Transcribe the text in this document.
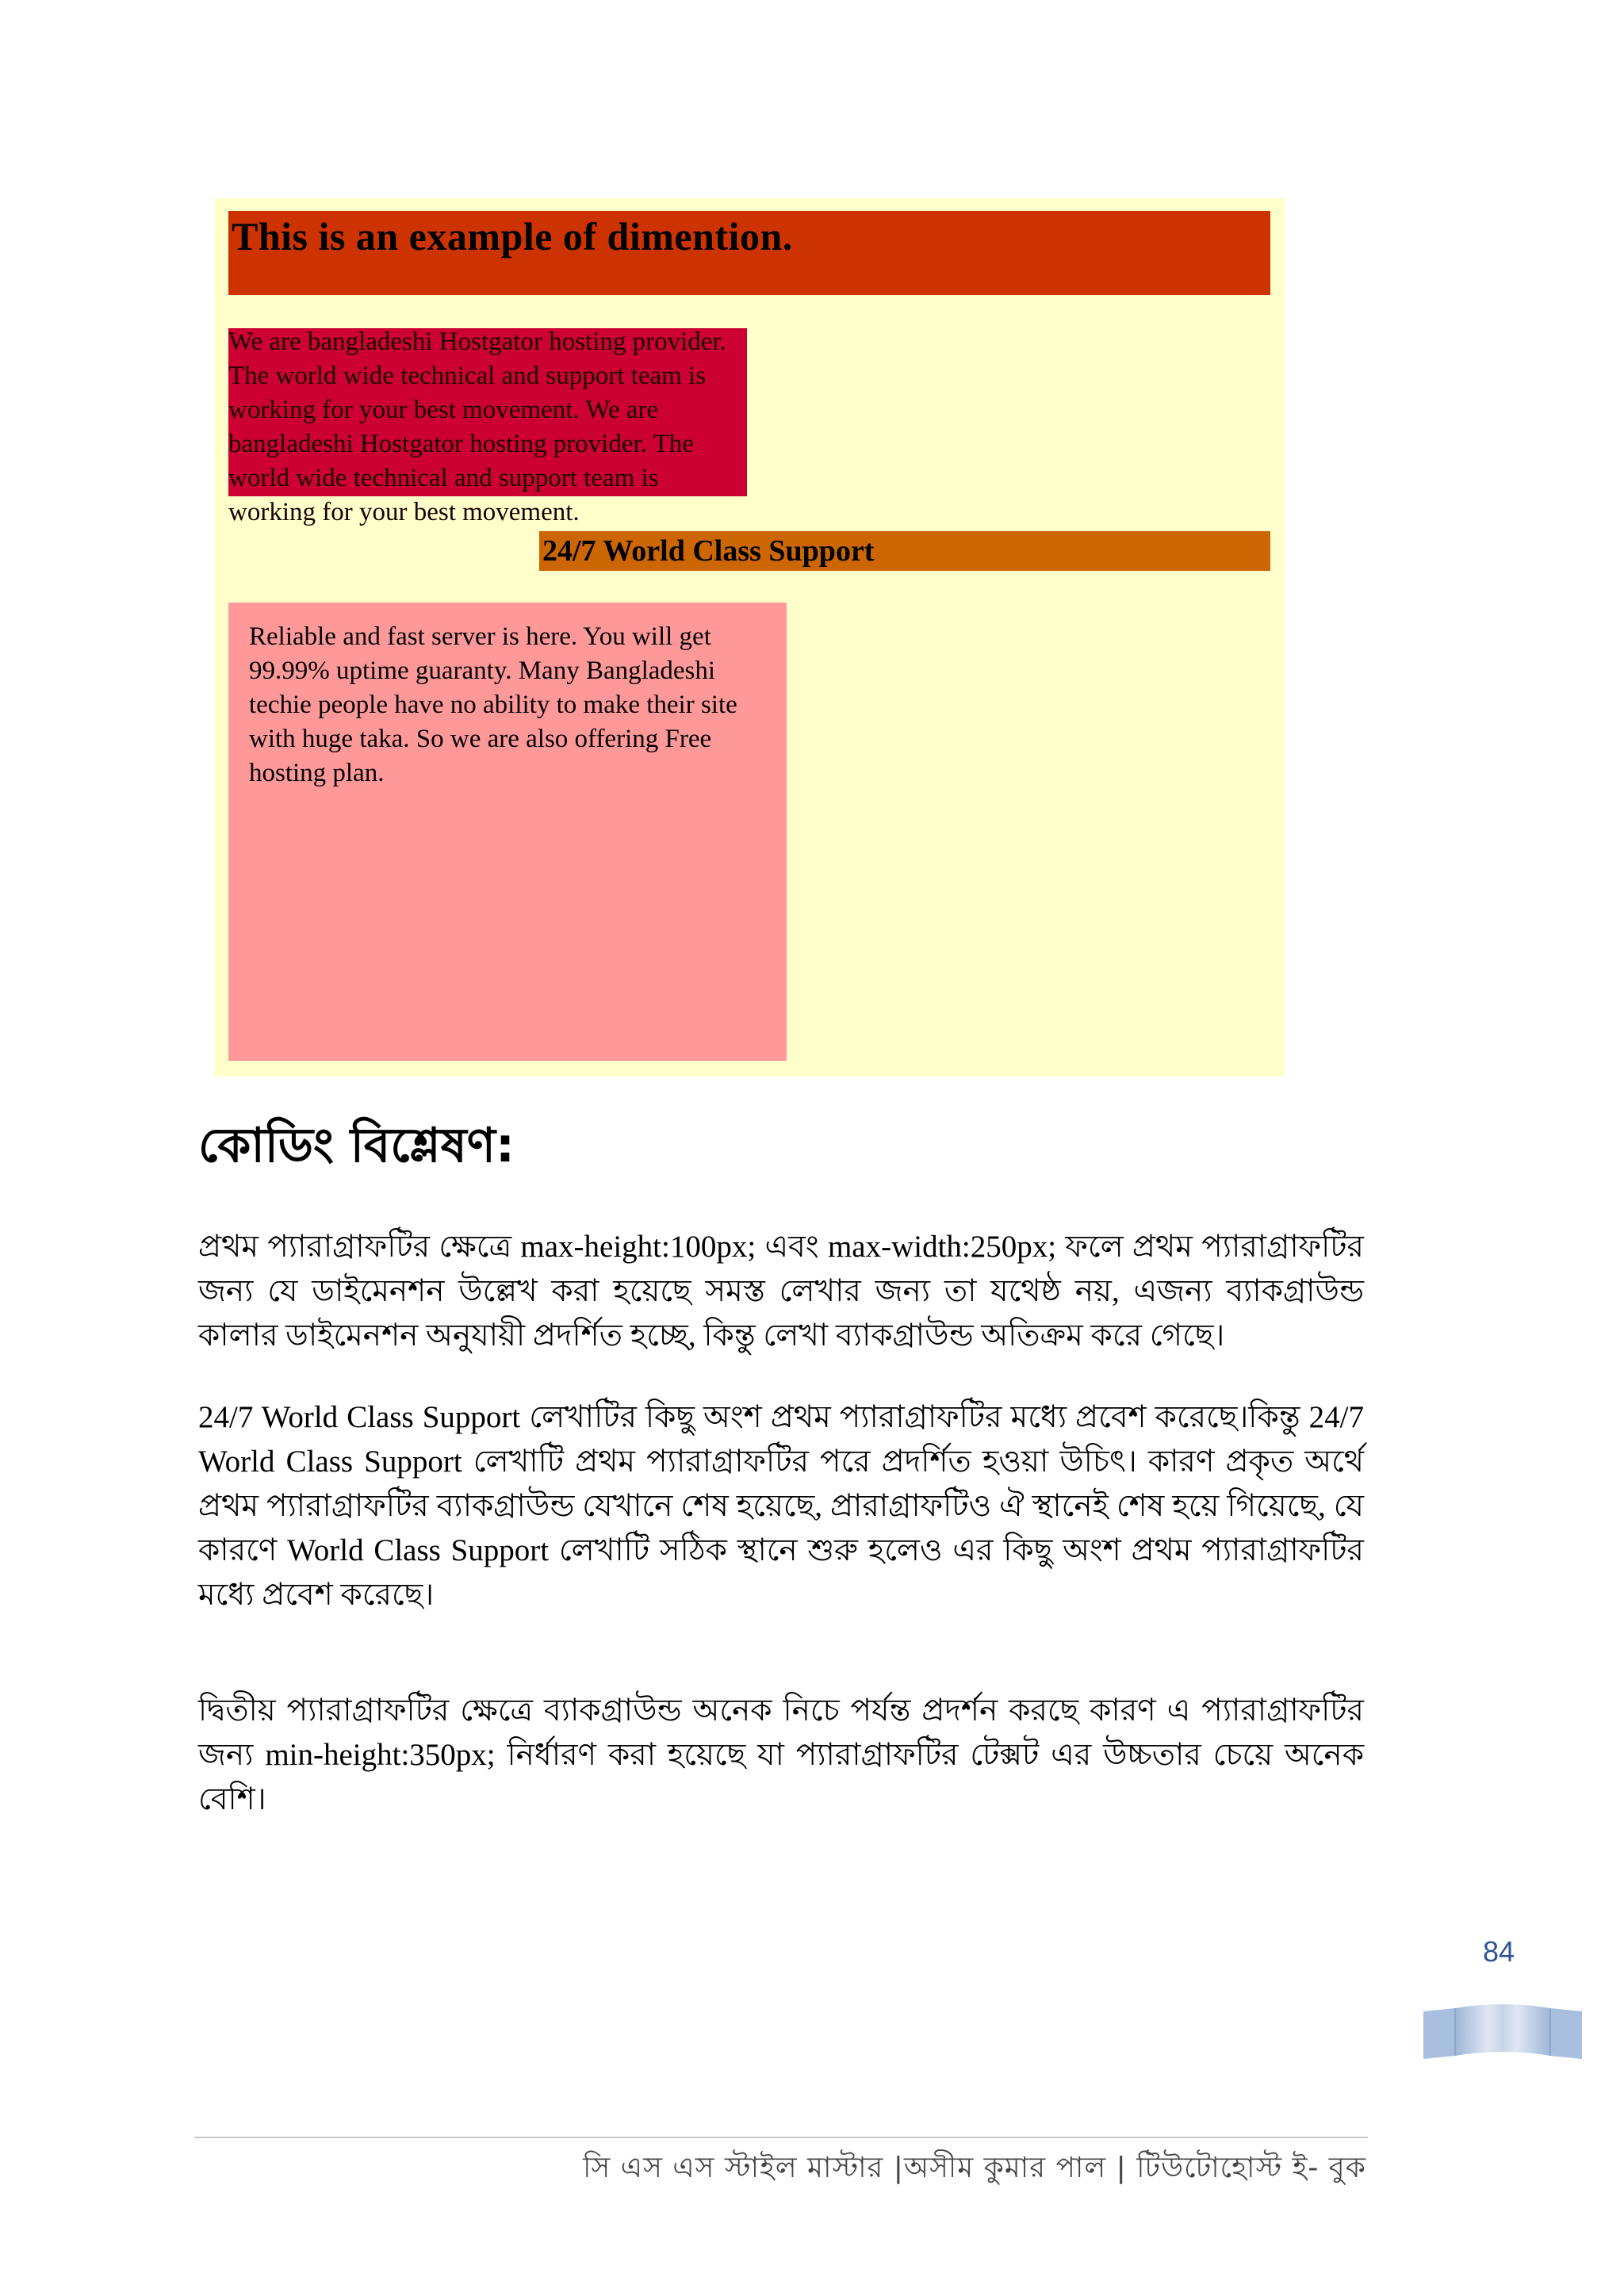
This is an example of dimention.

We are bangladeshi Hostgator hosting provider. The world wide technical and support team is working for your best movement. We are bangladeshi Hostgator hosting provider. The world wide technical and support team is working for your best movement.

24/7 World Class Support

Reliable and fast server is here. You will get 99.99% uptime guaranty. Many Bangladeshi techie people have no ability to make their site with huge taka. So we are also offering Free hosting plan.

কোডিং বিশ্লেষণ:

প্রথম প্যারাগ্রাফটির ক্ষেত্রে max-height:100px; এবং max-width:250px; ফলে প্রথম প্যারাগ্রাফটির জন্য যে ডাইমেনশন উল্লেখ করা হয়েছে সমস্ত লেখার জন্য তা যথেষ্ঠ নয়, এজন্য ব্যাকগ্রাউন্ড কালার ডাইমেনশন অনুযায়ী প্রদর্শিত হচ্ছে, কিন্তু লেখা ব্যাকগ্রাউন্ড অতিক্রম করে গেছে।

24/7 World Class Support লেখাটির কিছু অংশ প্রথম প্যারাগ্রাফটির মধ্যে প্রবেশ করেছে।কিন্তু 24/7 World Class Support লেখাটি প্রথম প্যারাগ্রাফটির পরে প্রদর্শিত হওয়া উচিৎ। কারণ প্রকৃত অর্থে প্রথম প্যারাগ্রাফটির ব্যাকগ্রাউন্ড যেখানে শেষ হয়েছে, প্রারাগ্রাফটিও ঐ স্থানেই শেষ হয়ে গিয়েছে, যে কারণে World Class Support লেখাটি সঠিক স্থানে শুরু হলেও এর কিছু অংশ প্রথম প্যারাগ্রাফটির মধ্যে প্রবেশ করেছে।

দ্বিতীয় প্যারাগ্রাফটির ক্ষেত্রে ব্যাকগ্রাউন্ড অনেক নিচে পর্যন্ত প্রদর্শন করছে কারণ এ প্যারাগ্রাফটির জন্য min-height:350px; নির্ধারণ করা হয়েছে যা প্যারাগ্রাফটির টেক্সট এর উচ্চতার চেয়ে অনেক বেশি।

84

সি এস এস স্টাইল মাস্টার |অসীম কুমার পাল | টিউটোহোস্ট ই- বুক
